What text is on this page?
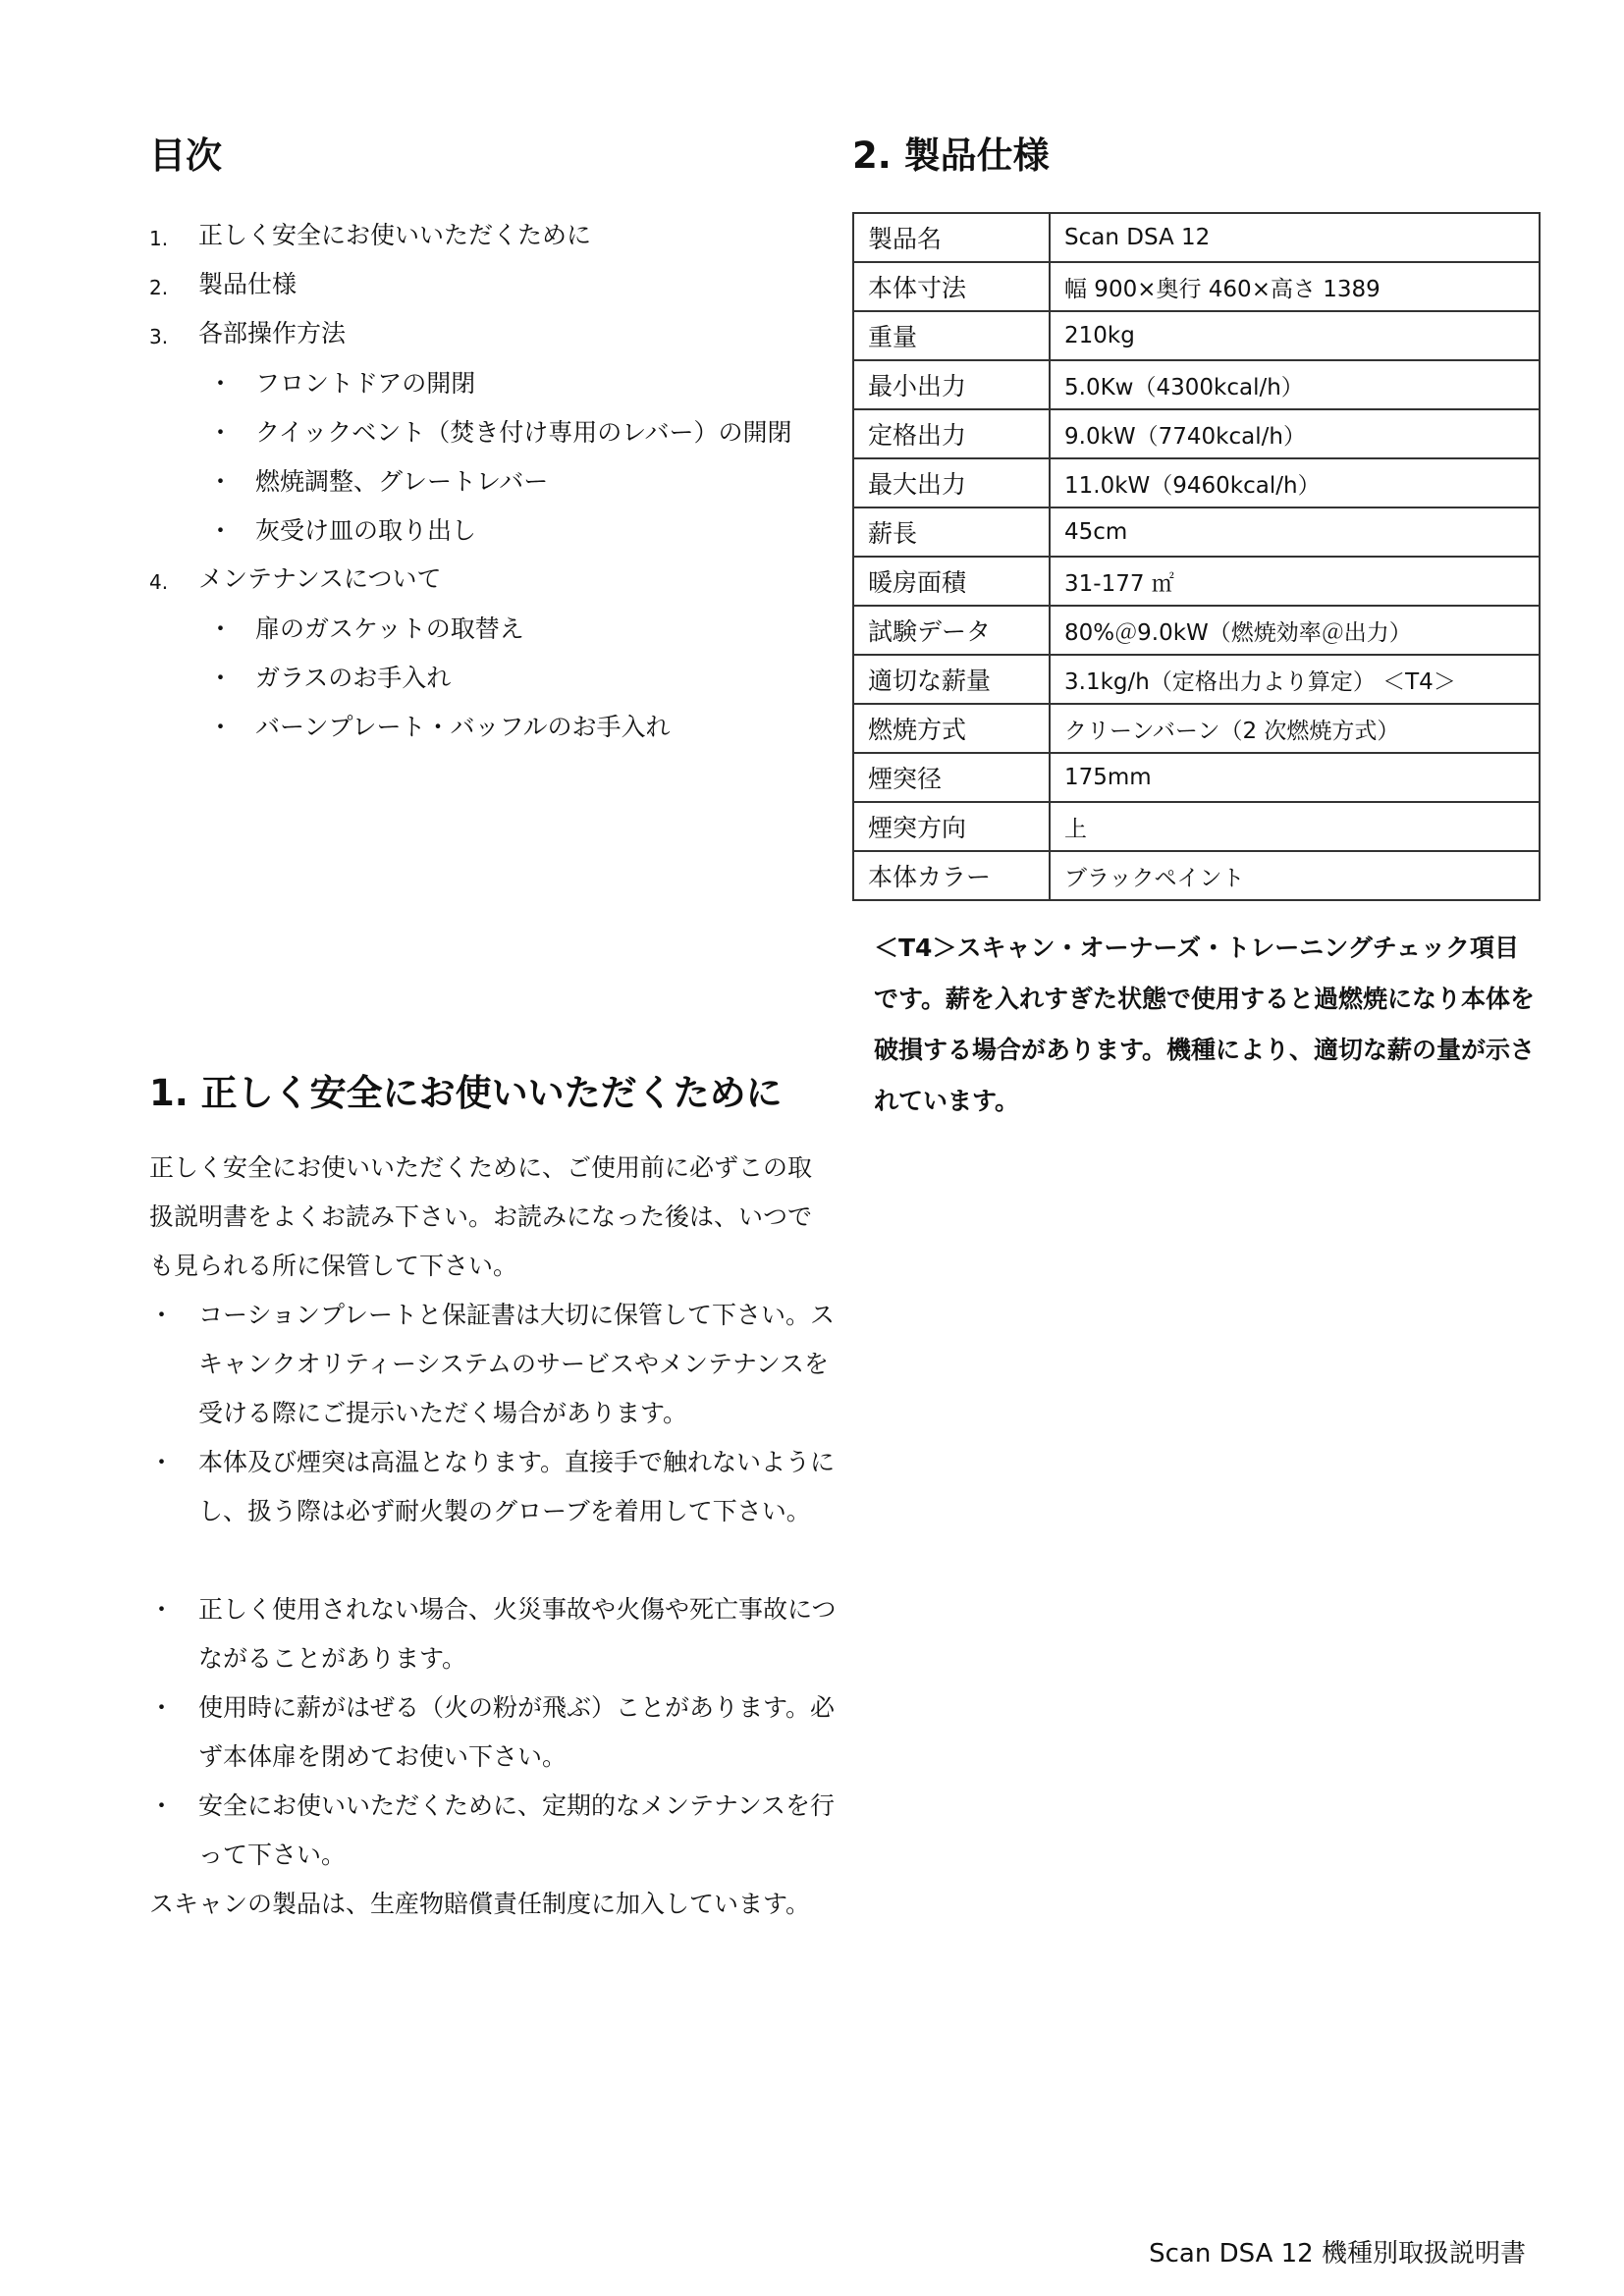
目次
1. 正しく安全にお使いいただくために
2. 製品仕様
3. 各部操作方法
・ フロントドアの開閉
・ クイックベント（焚き付け専用のレバー）の開閉
・ 燃焼調整、グレートレバー
・ 灰受け皿の取り出し
4. メンテナンスについて
・ 扉のガスケットの取替え
・ ガラスのお手入れ
・ バーンプレート・バッフルのお手入れ
1. 正しく安全にお使いいただくために
正しく安全にお使いいただくために、ご使用前に必ずこの取扱説明書をよくお読み下さい。お読みになった後は、いつでも見られる所に保管して下さい。
・ コーションプレートと保証書は大切に保管して下さい。スキャンクオリティーシステムのサービスやメンテナンスを受ける際にご提示いただく場合があります。
・ 本体及び煙突は高温となります。直接手で触れないようにし、扱う際は必ず耐火製のグローブを着用して下さい。
・ 正しく使用されない場合、火災事故や火傷や死亡事故につながることがあります。
・ 使用時に薪がはぜる（火の粉が飛ぶ）ことがあります。必ず本体扉を閉めてお使い下さい。
・ 安全にお使いいただくために、定期的なメンテナンスを行って下さい。
スキャンの製品は、生産物賠償責任制度に加入しています。
2. 製品仕様
製品名	Scan DSA 12
本体寸法	幅 900×奥行 460×高さ 1389
重量	210kg
最小出力	5.0Kw（4300kcal/h）
定格出力	9.0kW（7740kcal/h）
最大出力	11.0kW（9460kcal/h）
薪長	45cm
暖房面積	31-177 ㎡
試験データ	80%＠9.0kW（燃焼効率＠出力）
適切な薪量	3.1kg/h（定格出力より算定） ＜T4＞
燃焼方式	クリーンバーン（2 次燃焼方式）
煙突径	175mm
煙突方向	上
本体カラー	ブラックペイント
＜T4＞スキャン・オーナーズ・トレーニングチェック項目です。薪を入れすぎた状態で使用すると過燃焼になり本体を破損する場合があります。機種により、適切な薪の量が示されています。
Scan DSA 12 機種別取扱説明書
